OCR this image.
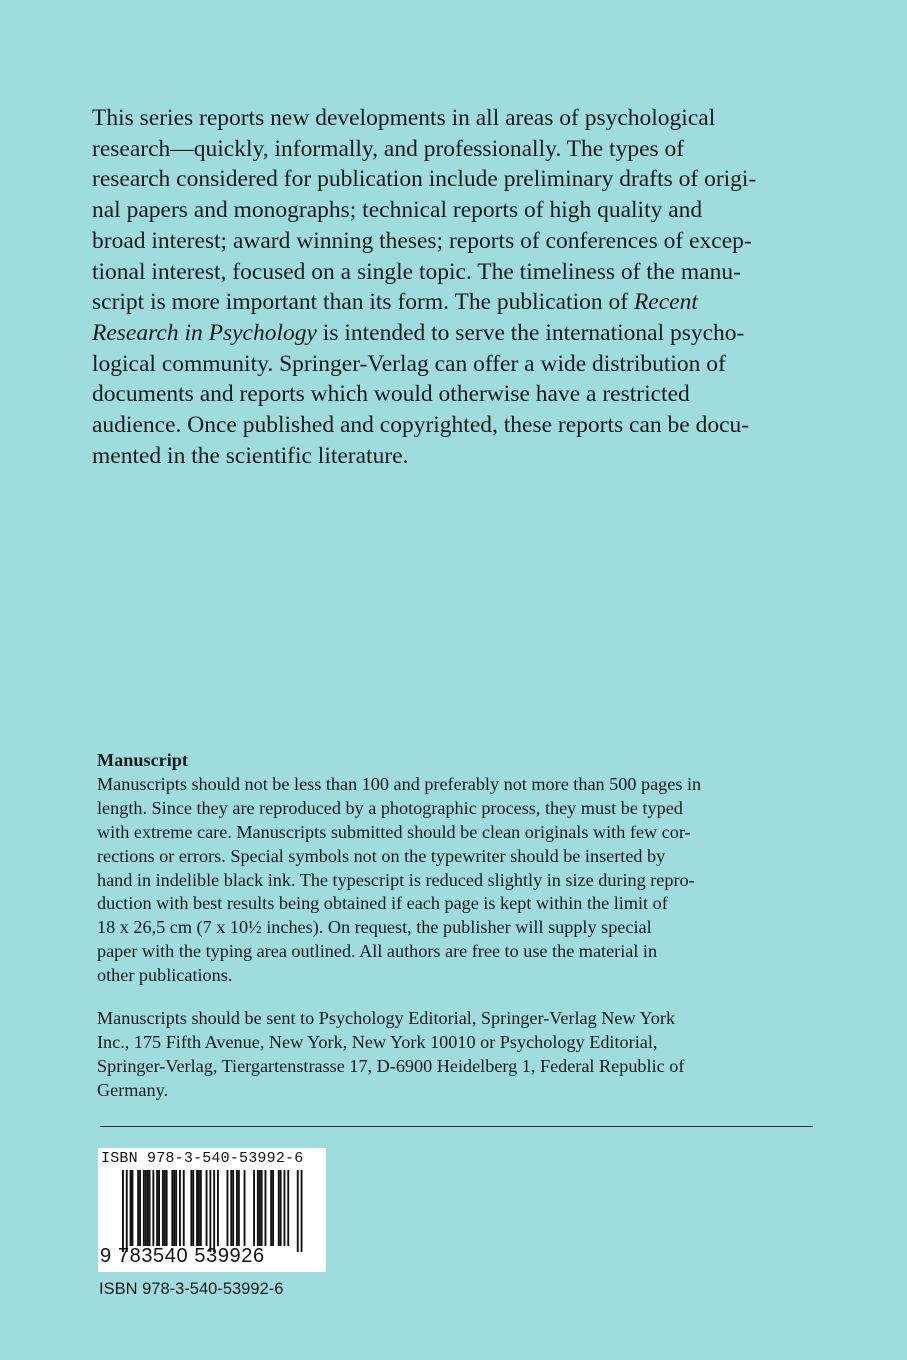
This series reports new developments in all areas of psychological
research—quickly, informally, and professionally. The types of
research considered for publication include preliminary drafts of origi-
nal papers and monographs; technical reports of high quality and
broad interest; award winning theses; reports of conferences of excep-
tional interest, focused on a single topic. The timeliness of the manu-
script is more important than its form. The publication of Recent
Research in Psychology is intended to serve the international psycho-
logical community. Springer-Verlag can offer a wide distribution of
documents and reports which would otherwise have a restricted
audience. Once published and copyrighted, these reports can be docu-
mented in the scientific literature.
Manuscript
Manuscripts should not be less than 100 and preferably not more than 500 pages in
length. Since they are reproduced by a photographic process, they must be typed
with extreme care. Manuscripts submitted should be clean originals with few cor-
rections or errors. Special symbols not on the typewriter should be inserted by
hand in indelible black ink. The typescript is reduced slightly in size during repro-
duction with best results being obtained if each page is kept within the limit of
18 x 26,5 cm (7 x 10½ inches). On request, the publisher will supply special
paper with the typing area outlined. All authors are free to use the material in
other publications.
Manuscripts should be sent to Psychology Editorial, Springer-Verlag New York
Inc., 175 Fifth Avenue, New York, New York 10010 or Psychology Editorial,
Springer-Verlag, Tiergartenstrasse 17, D-6900 Heidelberg 1, Federal Republic of
Germany.
ISBN 978-3-540-53992-6
9 783540 539926
ISBN 978-3-540-53992-6
